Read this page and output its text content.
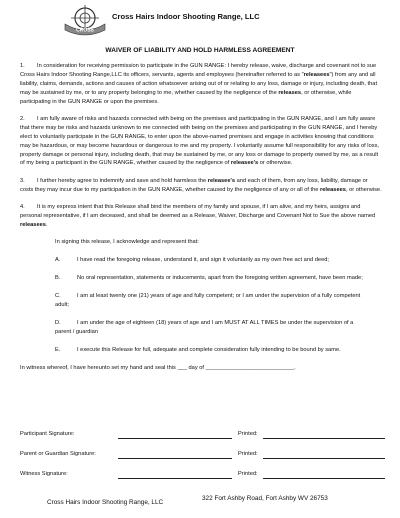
CROSS
Cross Hairs Indoor Shooting Range, LLC
WAIVER OF LIABILITY AND HOLD HARMLESS AGREEMENT

1. In consideration for receiving permission to participate in the GUN RANGE: I hereby release, waive, discharge and covenant not to sue Cross Hairs Indoor Shooting Range,LLC its officers, servants, agents and employees (hereinafter referred to as "releasees") from any and all liability, claims, demands, actions and causes of action whatsoever arising out of or relating to any loss, damage or injury, including death, that may be sustained by me, or to any property belonging to me, whether caused by the negligence of the releases, or otherwise, while participating in the GUN RANGE or upon the premises.

2. I am fully aware of risks and hazards connected with being on the premises and participating in the GUN RANGE, and I am fully aware that there may be risks and hazards unknown to me connected with being on the premises and participating in the GUN RANGE, and I hereby elect to voluntarily participate in the GUN RANGE, to enter upon the above-named premises and engage in activities knowing that conditions may be hazardous, or may become hazardous or dangerous to me and my property. I voluntarily assume full responsibility for any risks of loss, property damage or personal injury, including death, that may be sustained by me, or any loss or damage to property owned by me, as a result of my being a participant in the GUN RANGE, whether caused by the negligence of releasee's or otherwise.

3. I further hereby agree to indemnify and save and hold harmless the releasee's and each of them, from any loss, liability, damage or costs they may incur due to my participation in the GUN RANGE, whether caused by the negligence of any or all of the releasees, or otherwise.

4. It is my express intent that this Release shall bind the members of my family and spouse, if I am alive, and my heirs, assigns and personal representative, if I am deceased, and shall be deemed as a Release, Waiver, Discharge and Covenant Not to Sue the above named releasees.

In signing this release, I acknowledge and represent that:

A.	I have read the foregoing release, understand it, and sign it voluntarily as my own free act and deed;

B.	No oral representation, statements or inducements, apart from the foregoing written agreement, have been made;

C.	I am at least twenty one (21) years of age and fully competent; or I am under the supervision of a fully competent adult;

D.	I am under the age of eighteen (18) years of age and I am MUST AT ALL TIMES be under the supervision of a parent / guardian

E.	I execute this Release for full, adequate and complete consideration fully intending to be bound by same.

In witness whereof, I have hereunto set my hand and seal this ___ day of ____________________________.

Participant Signature:	Printed:
Parent or Guardian Signature:	Printed:
Witness Signature:	Printed:
Cross Hairs Indoor Shooting Range, LLC
322 Fort Ashby Road, Fort Ashby WV 26753
